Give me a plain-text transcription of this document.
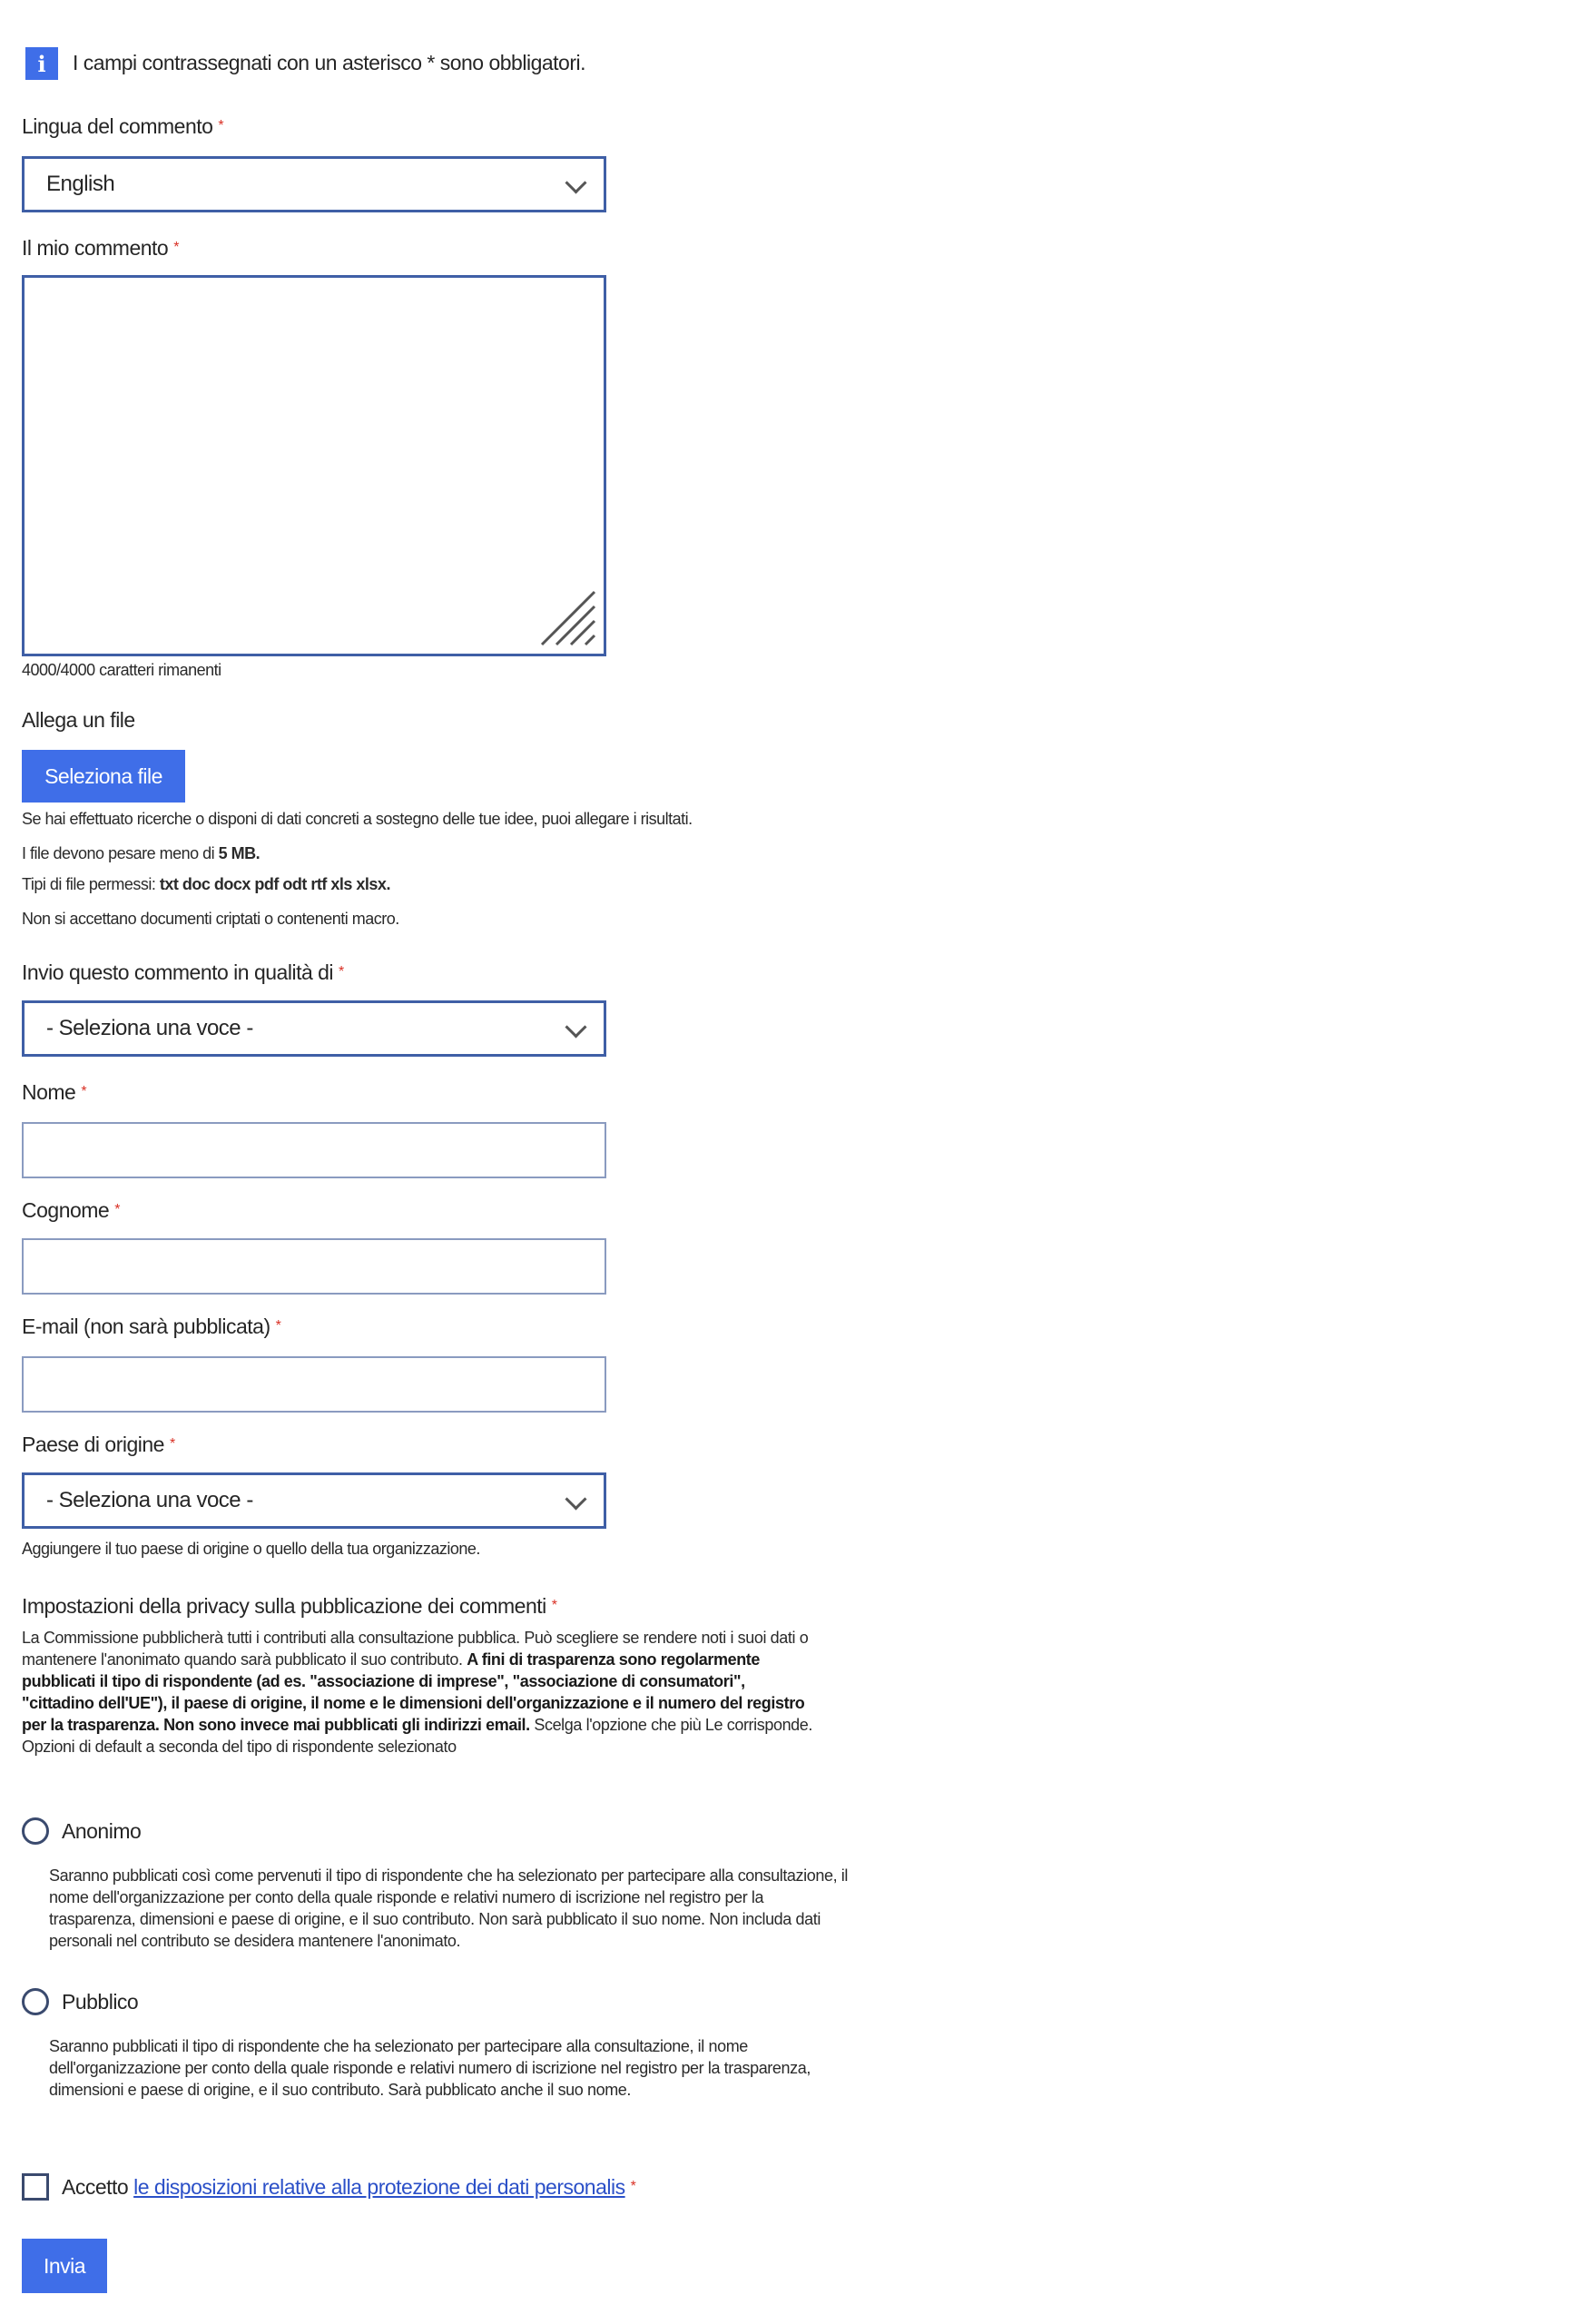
i	I campi contrassegnati con un asterisco * sono obbligatori.
Lingua del commento *
English
Il mio commento *
4000/4000 caratteri rimanenti
Allega un file
Seleziona file
Se hai effettuato ricerche o disponi di dati concreti a sostegno delle tue idee, puoi allegare i risultati.
I file devono pesare meno di 5 MB.
Tipi di file permessi: txt doc docx pdf odt rtf xls xlsx.
Non si accettano documenti criptati o contenenti macro.
Invio questo commento in qualità di *
- Seleziona una voce -
Nome *
Cognome *
E-mail (non sarà pubblicata) *
Paese di origine *
- Seleziona una voce -
Aggiungere il tuo paese di origine o quello della tua organizzazione.
Impostazioni della privacy sulla pubblicazione dei commenti *
La Commissione pubblicherà tutti i contributi alla consultazione pubblica. Può scegliere se rendere noti i suoi dati o mantenere l'anonimato quando sarà pubblicato il suo contributo. A fini di trasparenza sono regolarmente pubblicati il tipo di rispondente (ad es. "associazione di imprese", "associazione di consumatori", "cittadino dell'UE"), il paese di origine, il nome e le dimensioni dell'organizzazione e il numero del registro per la trasparenza. Non sono invece mai pubblicati gli indirizzi email. Scelga l'opzione che più Le corrisponde. Opzioni di default a seconda del tipo di rispondente selezionato
Anonimo
Saranno pubblicati così come pervenuti il tipo di rispondente che ha selezionato per partecipare alla consultazione, il nome dell'organizzazione per conto della quale risponde e relativi numero di iscrizione nel registro per la trasparenza, dimensioni e paese di origine, e il suo contributo. Non sarà pubblicato il suo nome. Non includa dati personali nel contributo se desidera mantenere l'anonimato.
Pubblico
Saranno pubblicati il tipo di rispondente che ha selezionato per partecipare alla consultazione, il nome dell'organizzazione per conto della quale risponde e relativi numero di iscrizione nel registro per la trasparenza, dimensioni e paese di origine, e il suo contributo. Sarà pubblicato anche il suo nome.
Accetto le disposizioni relative alla protezione dei dati personalis *
Invia
